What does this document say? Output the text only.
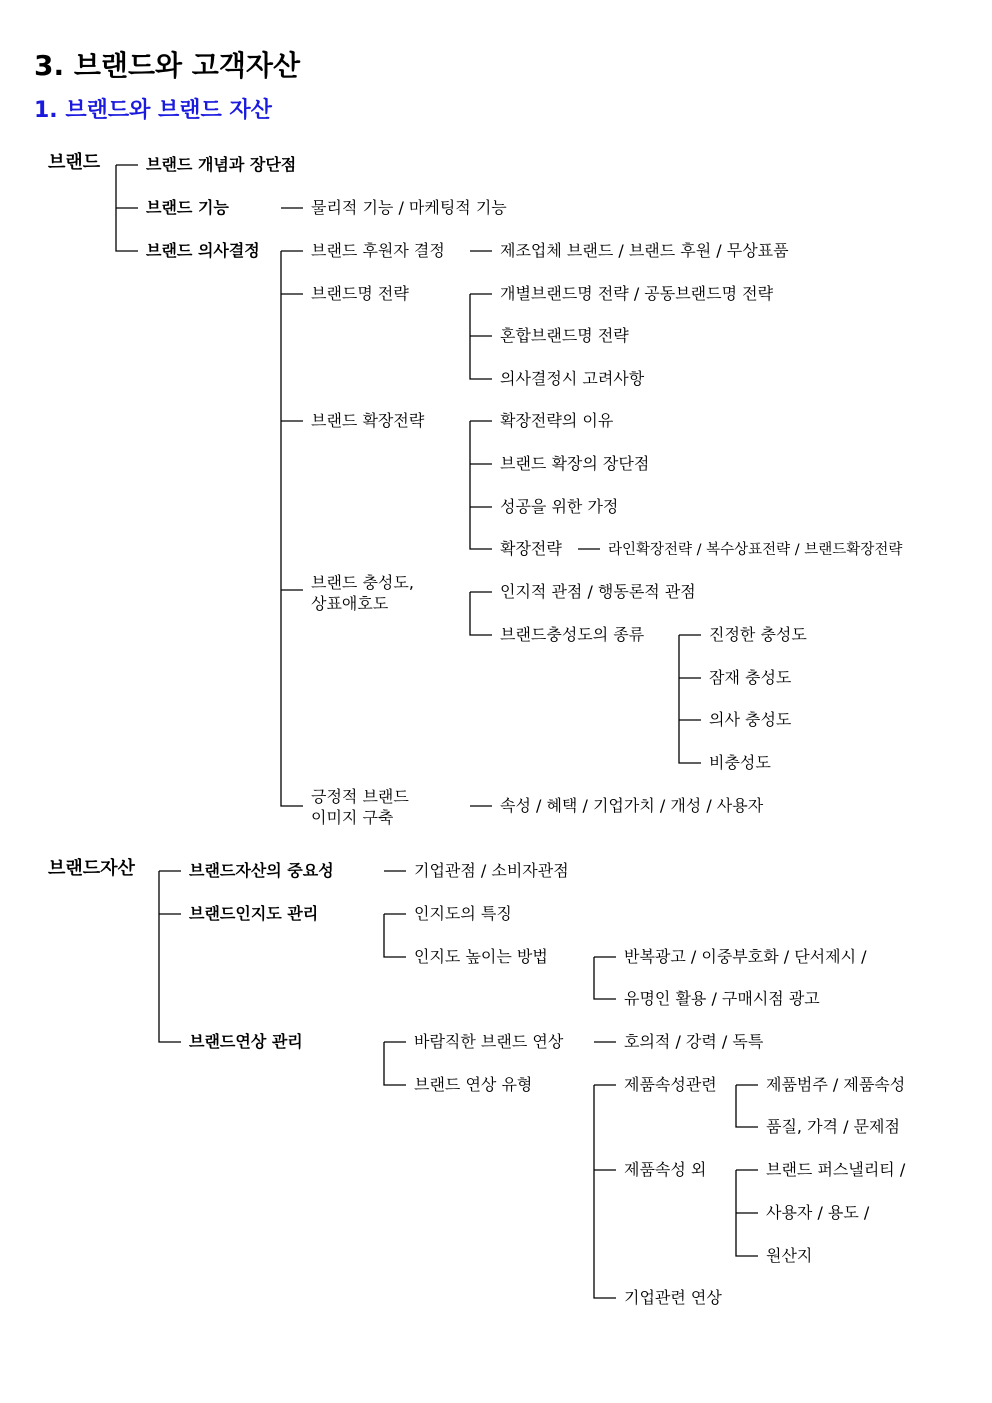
3. 브랜드와 고객자산
1. 브랜드와 브랜드 자산
브랜드	브랜드 개념과 장단점
브랜드 기능	물리적 기능 / 마케팅적 기능
브랜드 의사결정	브랜드 후원자 결정	제조업체 브랜드 / 브랜드 후원 / 무상표품
브랜드명 전략	개별브랜드명 전략 / 공동브랜드명 전략
혼합브랜드명 전략
의사결정시 고려사항
브랜드 확장전략	확장전략의 이유
브랜드 확장의 장단점
성공을 위한 가정
확장전략	라인확장전략 / 복수상표전략 / 브랜드확장전략
브랜드 충성도,
상표애호도
인지적 관점 / 행동론적 관점
브랜드충성도의 종류	진정한 충성도
잠재 충성도
의사 충성도
비충성도
긍정적 브랜드
이미지 구축
속성 / 혜택 / 기업가치 / 개성 / 사용자
브랜드자산	브랜드자산의 중요성	기업관점 / 소비자관점
브랜드인지도 관리	인지도의 특징
인지도 높이는 방법	반복광고 / 이중부호화 / 단서제시 /
유명인 활용 / 구매시점 광고
브랜드연상 관리	바람직한 브랜드 연상	호의적 / 강력 / 독특
브랜드 연상 유형	제품속성관련	제품범주 / 제품속성
품질, 가격 / 문제점
제품속성 외	브랜드 퍼스낼리티 /
사용자 / 용도 /
원산지
기업관련 연상
